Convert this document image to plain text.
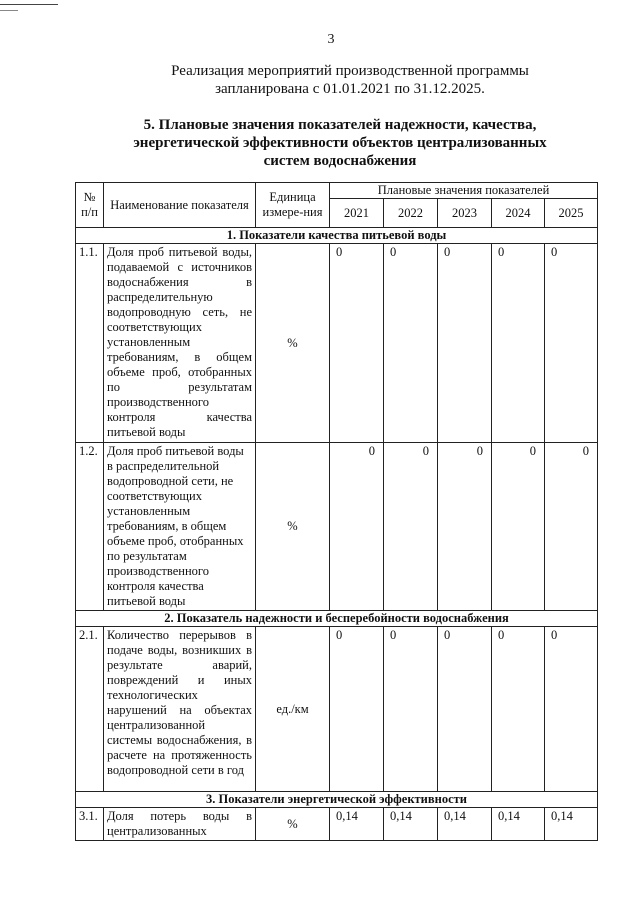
3
Реализация мероприятий производственной программы
запланирована с 01.01.2021 по 31.12.2025.
5. Плановые значения показателей надежности, качества,
энергетической эффективности объектов централизованных
систем водоснабжения
№ п/п	Наименование показателя	Единица измере-ния	Плановые значения показателей				
			2021	2022	2023	2024	2025
1. Показатели качества питьевой воды							
1.1.	Доля проб питьевой воды, подаваемой с источников водоснабжения в распределительную водопроводную сеть, не соответствующих установленным требованиям, в общем объеме проб, отобранных по результатам производственного контроля качества питьевой воды	%	0	0	0	0	0
1.2.	Доля проб питьевой воды в распределительной водопроводной сети, не соответствующих установленным требованиям, в общем объеме проб, отобранных по результатам производственного контроля качества питьевой воды	%	0	0	0	0	0
2. Показатель надежности и бесперебойности водоснабжения							
2.1.	Количество перерывов в подаче воды, возникших в результате аварий, повреждений и иных технологических нарушений на объектах централизованной системы водоснабжения, в расчете на протяженность водопроводной сети в год	ед./км	0	0	0	0	0
3. Показатели энергетической эффективности							
3.1.	Доля потерь воды в централизованных	%	0,14	0,14	0,14	0,14	0,14
